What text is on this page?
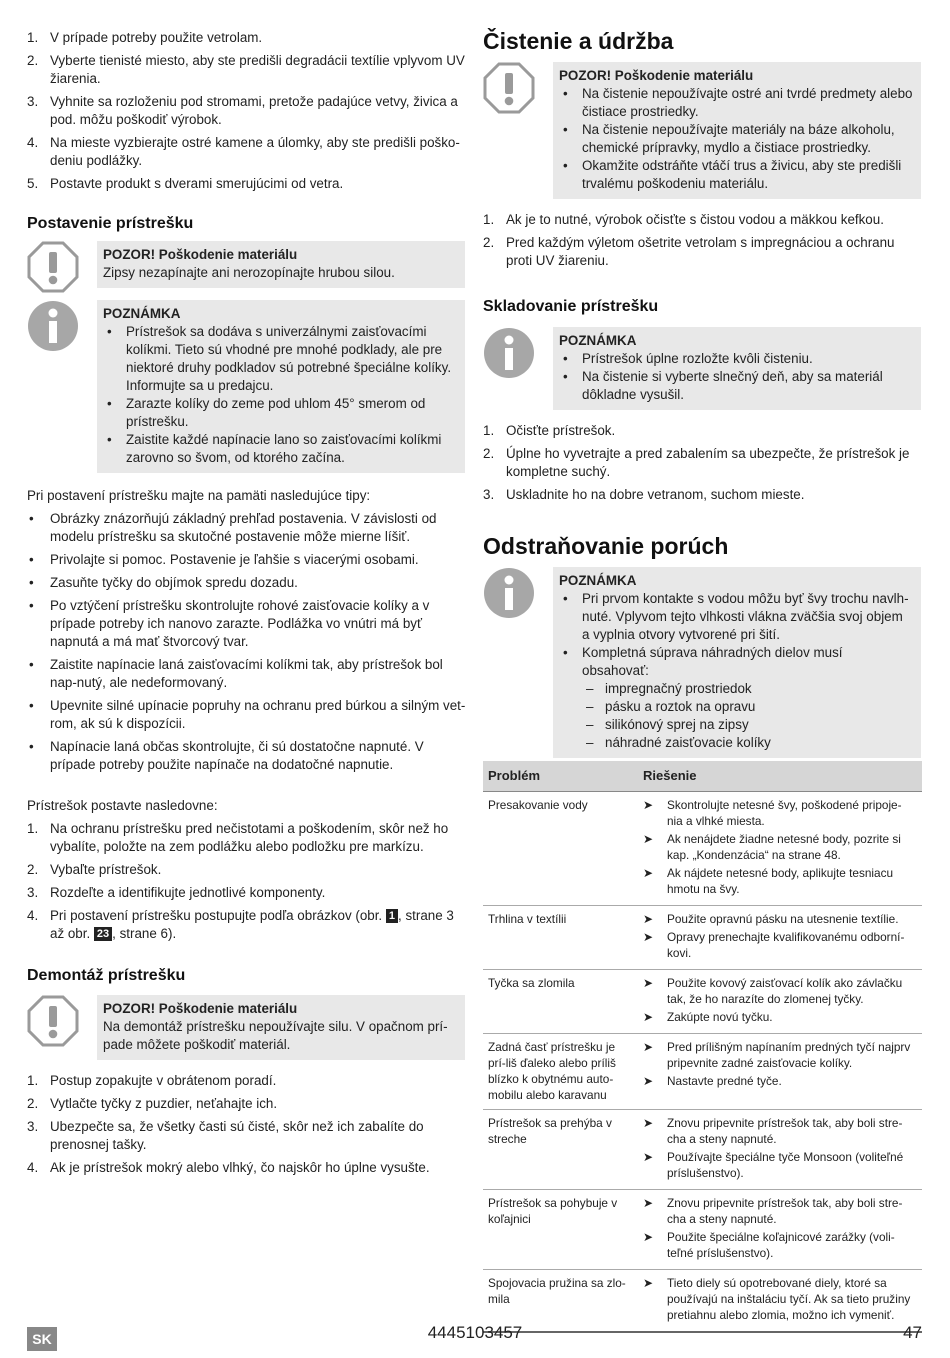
1. V prípade potreby použite vetrolam.
2. Vyberte tienisté miesto, aby ste predišli degradácii textílie vplyvom UV žiarenia.
3. Vyhnite sa rozloženiu pod stromami, pretože padajúce vetvy, živica a pod. môžu poškodiť výrobok.
4. Na mieste vyzbierajte ostré kamene a úlomky, aby ste predišli poško-deniu podlážky.
5. Postavte produkt s dverami smerujúcimi od vetra.
Postavenie prístrešku
POZOR! Poškodenie materiálu
Zipsy nezapínajte ani nerozopínajte hrubou silou.
POZNÁMKA
• Prístrešok sa dodáva s univerzálnymi zaisťovacími kolíkmi. Tieto sú vhodné pre mnohé podklady, ale pre niektoré druhy podkladov sú potrebné špeciálne kolíky. Informujte sa u predajcu.
• Zarazte kolíky do zeme pod uhlom 45° smerom od prístrešku.
• Zaistite každé napínacie lano so zaisťovacími kolíkmi zarovno so švom, od ktorého začína.

Pri postavení prístrešku majte na pamäti nasledujúce tipy:

• Obrázky znázorňujú základný prehľad postavenia. V závislosti od modelu prístrešku sa skutočné postavenie môže mierne líšiť.
• Privolajte si pomoc. Postavenie je ľahšie s viacerými osobami.
• Zasuňte tyčky do objímok spredu dozadu.
• Po vztýčení prístrešku skontrolujte rohové zaisťovacie kolíky a v prípade potreby ich nanovo zarazte. Podlážka vo vnútri má byť napnutá a má mať štvorcový tvar.
• Zaistite napínacie laná zaisťovacími kolíkmi tak, aby prístrešok bol nap-nutý, ale nedeformovaný.
• Upevnite silné upínacie popruhy na ochranu pred búrkou a silným vet-rom, ak sú k dispozícii.
• Napínacie laná občas skontrolujte, či sú dostatočne napnuté. V prípade potreby použite napínače na dodatočné napnutie.

Prístrešok postavte nasledovne:

1. Na ochranu prístrešku pred nečistotami a poškodením, skôr než ho vybalíte, položte na zem podlážku alebo podložku pre markízu.
2. Vybaľte prístrešok.
3. Rozdeľte a identifikujte jednotlivé komponenty.
4. Pri postavení prístrešku postupujte podľa obrázkov (obr. 1 , strane 3 až obr. 23 , strane 6).
Demontáž prístrešku
POZOR! Poškodenie materiálu
Na demontáž prístrešku nepoužívajte silu. V opačnom prí-pade môžete poškodiť materiál.
1. Postup zopakujte v obrátenom poradí.
2. Vytlačte tyčky z puzdier, neťahajte ich.
3. Ubezpečte sa, že všetky časti sú čisté, skôr než ich zabalíte do prenosnej tašky.
4. Ak je prístrešok mokrý alebo vlhký, čo najskôr ho úplne vysušte.
Čistenie a údržba
POZOR! Poškodenie materiálu
• Na čistenie nepoužívajte ostré ani tvrdé predmety alebo čistiace prostriedky.
• Na čistenie nepoužívajte materiály na báze alkoholu, chemické prípravky, mydlo a čistiace prostriedky.
• Okamžite odstráňte vtáčí trus a živicu, aby ste predišli trvalému poškodeniu materiálu.
1. Ak je to nutné, výrobok očisťte s čistou vodou a mäkkou kefkou.
2. Pred každým výletom ošetrite vetrolam s impregnáciou a ochranu proti UV žiareniu.
Skladovanie prístrešku
POZNÁMKA
• Prístrešok úplne rozložte kvôli čisteniu.
• Na čistenie si vyberte slnečný deň, aby sa materiál dôkladne vysušil.
1. Očisťte prístrešok.
2. Úplne ho vyvetrajte a pred zabalením sa ubezpečte, že prístrešok je kompletne suchý.
3. Uskladnite ho na dobre vetranom, suchom mieste.
Odstraňovanie porúch
POZNÁMKA
• Pri prvom kontakte s vodou môžu byť švy trochu navlh-nuté. Vplyvom tejto vlhkosti vlákna zväčšia svoj objem a vyplnia otvory vytvorené pri šití.
• Kompletná súprava náhradných dielov musí obsahovať:
– impregnačný prostriedok
– pásku a roztok na opravu
– silikónový sprej na zipsy
– náhradné zaisťovacie kolíky
Problém	Riešenie
Presakovanie vody	➤ Skontrolujte netesné švy, poškodené pripoje-nia a vlhké miesta.
➤ Ak nenájdete žiadne netesné body, pozrite si kap. „Kondenzácia“ na strane 48.
➤ Ak nájdete netesné body, aplikujte tesniacu hmotu na švy.

Trhlina v textílii	➤ Použite opravnú pásku na utesnenie textílie.
➤ Opravy prenechajte kvalifikovanému odborní-kovi.

Tyčka sa zlomila	➤ Použite kovový zaisťovací kolík ako závlačku tak, že ho narazíte do zlomenej tyčky.
➤ Zakúpte novú tyčku.

Zadná časť prístrešku je prí-liš ďaleko alebo príliš blízko k obytnému auto-mobilu alebo karavanu	➤ Pred prílišným napínaním predných tyčí najprv pripevnite zadné zaisťovacie kolíky.
➤ Nastavte predné tyče.

Prístrešok sa prehýba v streche	➤ Znovu pripevnite prístrešok tak, aby boli stre-cha a steny napnuté.
➤ Používajte špeciálne tyče Monsoon (voliteľné príslušenstvo).

Prístrešok sa pohybuje v koľajnici	➤ Znovu pripevnite prístrešok tak, aby boli stre-cha a steny napnuté.
➤ Použite špeciálne koľajnicové zarážky (voli-teľné príslušenstvo).

Spojovacia pružina sa zlo-mila	➤ Tieto diely sú opotrebované diely, ktoré sa používajú na inštaláciu tyčí. Ak sa tieto pružiny pretiahnu alebo zlomia, možno ich vymeniť.
SK	4445103457	47
